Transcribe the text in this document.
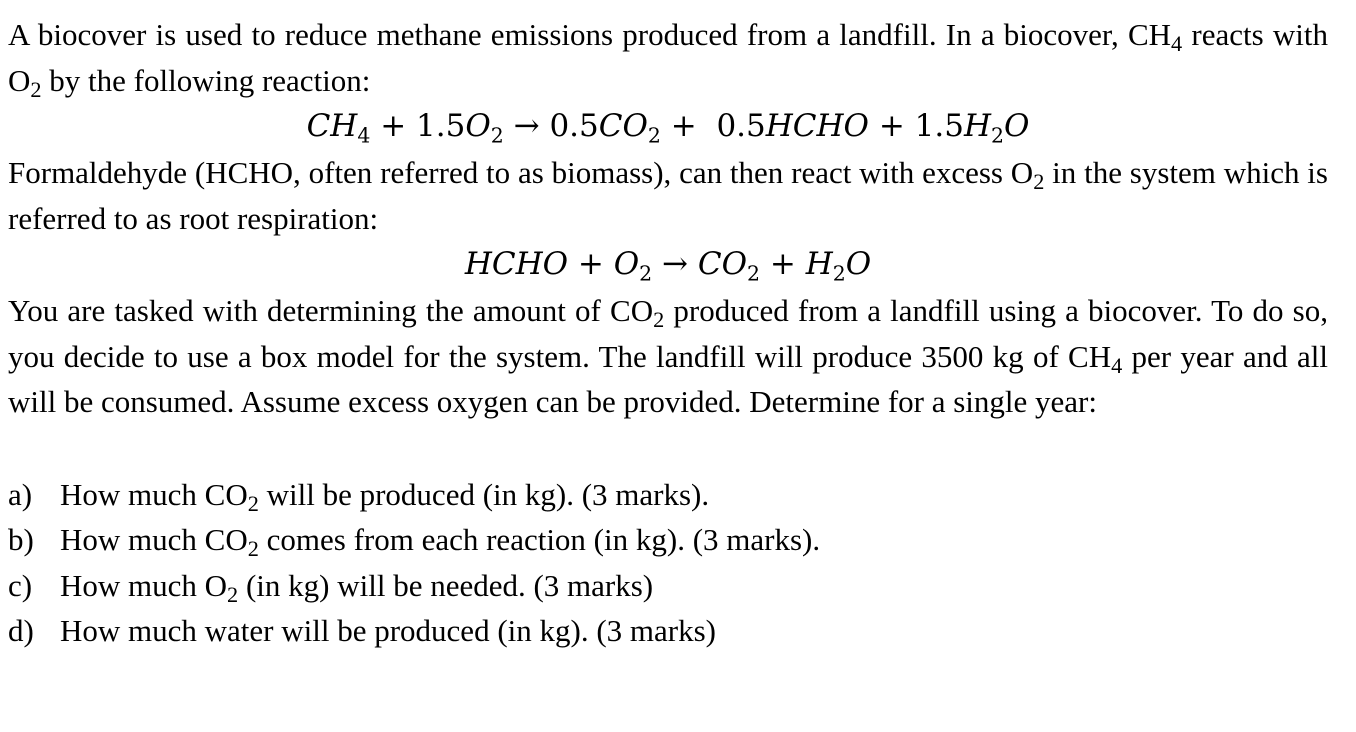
A biocover is used to reduce methane emissions produced from a landfill. In a biocover, $CH_4$ reacts with $O_2$ by the following reaction:

$CH_4 + 1.5O_2 \to 0.5CO_2$ +  0.5HCHO + $1.5H_2O$

Formaldehyde (HCHO, often referred to as biomass), can then react with excess $O_2$ in the system which is referred to as root respiration:

HCHO + $O_2 \to CO_2 + H_2O$

You are tasked with determining the amount of $CO_2$ produced from a landfill using a biocover. To do so, you decide to use a box model for the system. The landfill will produce 3500 kg of $CH_4$ per year and all will be consumed. Assume excess oxygen can be provided. Determine for a single year:

a) How much $CO_2$ will be produced (in kg). (3 marks).
b) How much $CO_2$ comes from each reaction (in kg). (3 marks).
c) How much $O_2$ (in kg) will be needed. (3 marks)
d) How much water will be produced (in kg). (3 marks)
